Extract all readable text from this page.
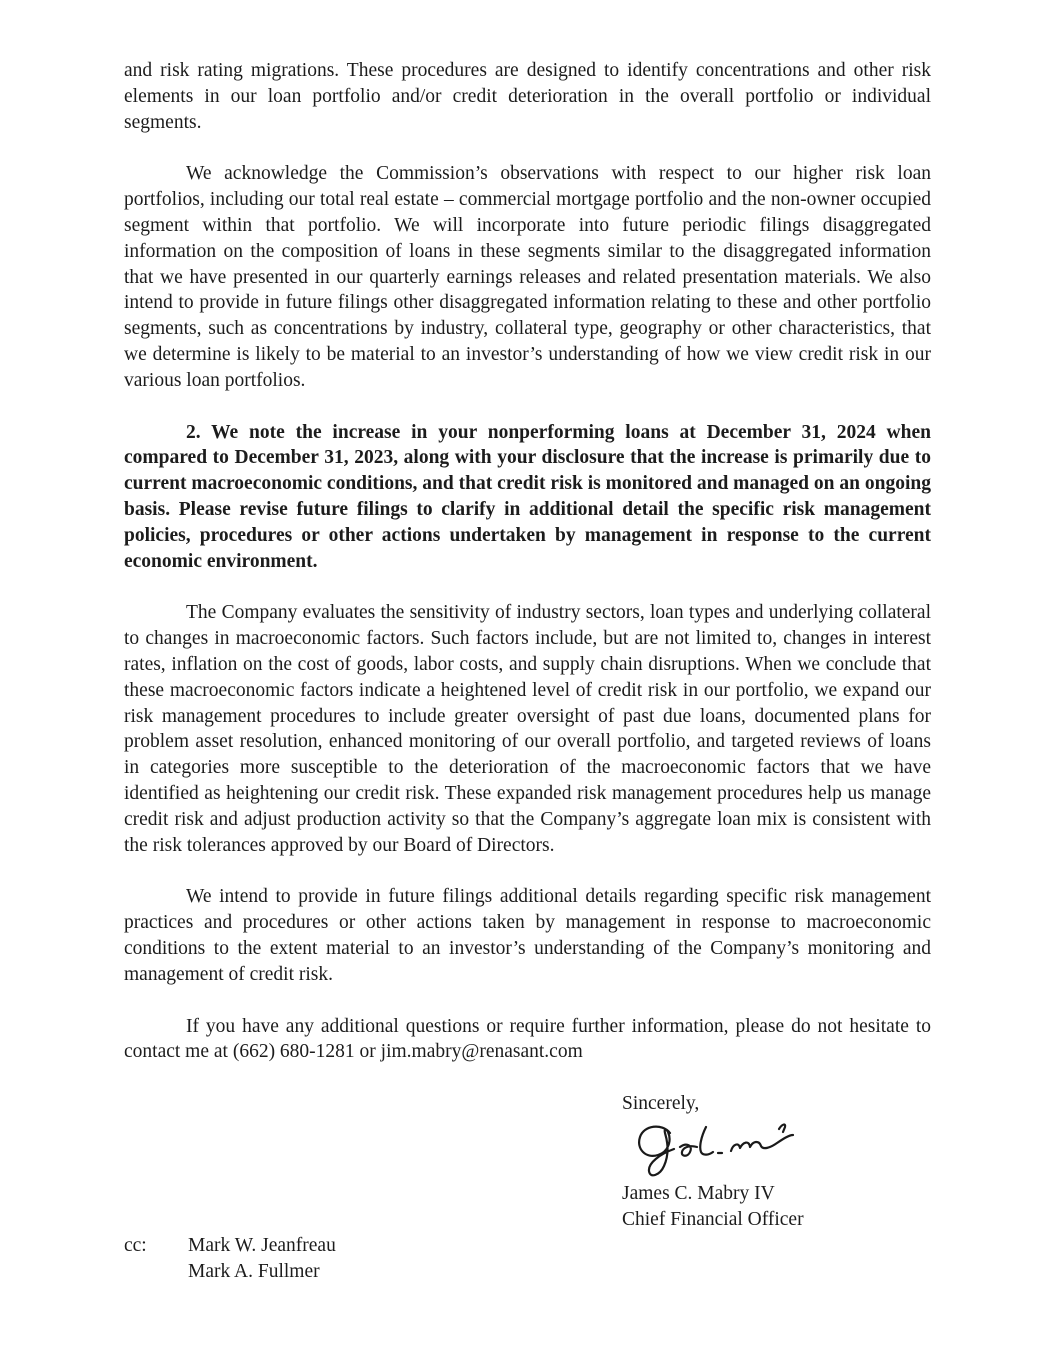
and risk rating migrations. These procedures are designed to identify concentrations and other risk elements in our loan portfolio and/or credit deterioration in the overall portfolio or individual segments.

We acknowledge the Commission’s observations with respect to our higher risk loan portfolios, including our total real estate – commercial mortgage portfolio and the non-owner occupied segment within that portfolio. We will incorporate into future periodic filings disaggregated information on the composition of loans in these segments similar to the disaggregated information that we have presented in our quarterly earnings releases and related presentation materials. We also intend to provide in future filings other disaggregated information relating to these and other portfolio segments, such as concentrations by industry, collateral type, geography or other characteristics, that we determine is likely to be material to an investor’s understanding of how we view credit risk in our various loan portfolios.

2. We note the increase in your nonperforming loans at December 31, 2024 when compared to December 31, 2023, along with your disclosure that the increase is primarily due to current macroeconomic conditions, and that credit risk is monitored and managed on an ongoing basis. Please revise future filings to clarify in additional detail the specific risk management policies, procedures or other actions undertaken by management in response to the current economic environment.

The Company evaluates the sensitivity of industry sectors, loan types and underlying collateral to changes in macroeconomic factors. Such factors include, but are not limited to, changes in interest rates, inflation on the cost of goods, labor costs, and supply chain disruptions. When we conclude that these macroeconomic factors indicate a heightened level of credit risk in our portfolio, we expand our risk management procedures to include greater oversight of past due loans, documented plans for problem asset resolution, enhanced monitoring of our overall portfolio, and targeted reviews of loans in categories more susceptible to the deterioration of the macroeconomic factors that we have identified as heightening our credit risk. These expanded risk management procedures help us manage credit risk and adjust production activity so that the Company’s aggregate loan mix is consistent with the risk tolerances approved by our Board of Directors.

We intend to provide in future filings additional details regarding specific risk management practices and procedures or other actions taken by management in response to macroeconomic conditions to the extent material to an investor’s understanding of the Company’s monitoring and management of credit risk.

If you have any additional questions or require further information, please do not hesitate to contact me at (662) 680-1281 or jim.mabry@renasant.com

Sincerely,
James C. Mabry IV
Chief Financial Officer
cc:	Mark W. Jeanfreau
Mark A. Fullmer
